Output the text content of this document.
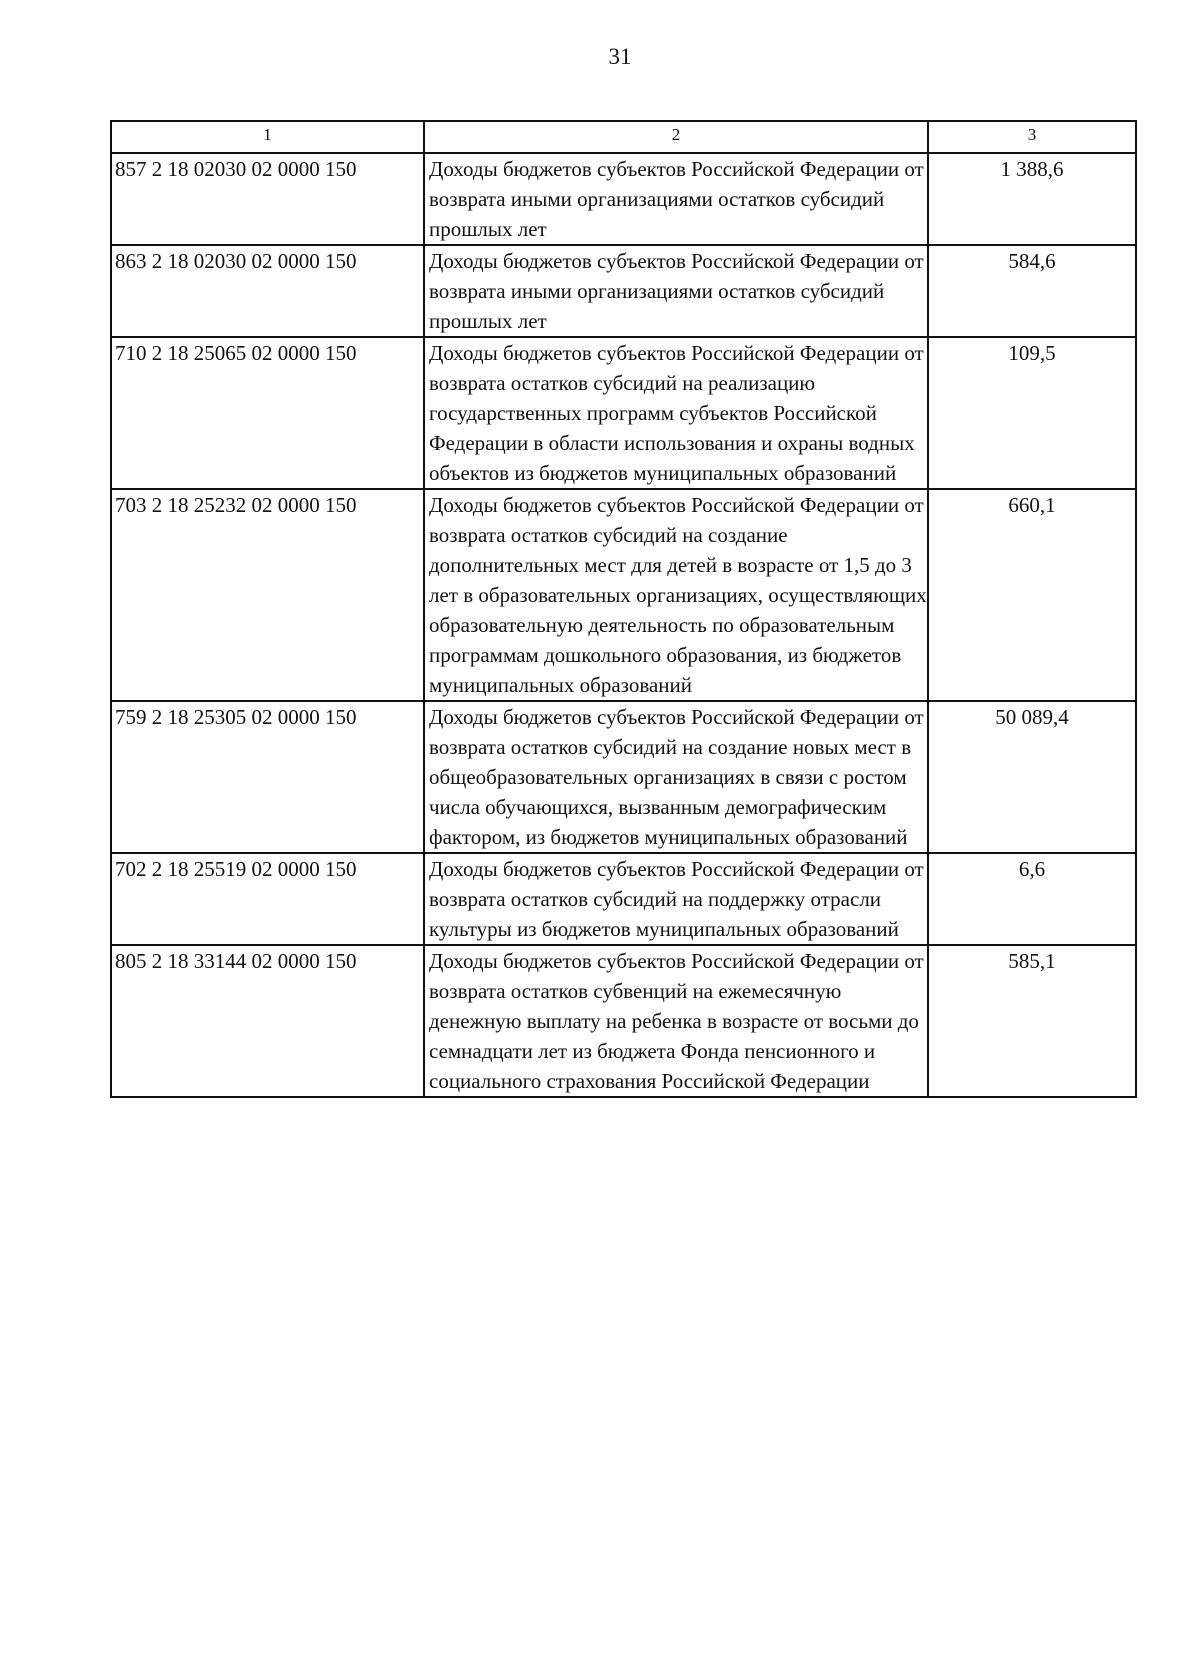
31
1	2	3
857 2 18 02030 02 0000 150	Доходы бюджетов субъектов Российской Федерации от возврата иными организациями остатков субсидий прошлых лет	1 388,6
863 2 18 02030 02 0000 150	Доходы бюджетов субъектов Российской Федерации от возврата иными организациями остатков субсидий прошлых лет	584,6
710 2 18 25065 02 0000 150	Доходы бюджетов субъектов Российской Федерации от возврата остатков субсидий на реализацию государственных программ субъектов Российской Федерации в области использования и охраны водных объектов из бюджетов муниципальных образований	109,5
703 2 18 25232 02 0000 150	Доходы бюджетов субъектов Российской Федерации от возврата остатков субсидий на создание дополнительных мест для детей в возрасте от 1,5 до 3 лет в образовательных организациях, осуществляющих образовательную деятельность по образовательным программам дошкольного образования, из бюджетов муниципальных образований	660,1
759 2 18 25305 02 0000 150	Доходы бюджетов субъектов Российской Федерации от возврата остатков субсидий на создание новых мест в общеобразовательных организациях в связи с ростом числа обучающихся, вызванным демографическим фактором, из бюджетов муниципальных образований	50 089,4
702 2 18 25519 02 0000 150	Доходы бюджетов субъектов Российской Федерации от возврата остатков субсидий на поддержку отрасли культуры из бюджетов муниципальных образований	6,6
805 2 18 33144 02 0000 150	Доходы бюджетов субъектов Российской Федерации от возврата остатков субвенций на ежемесячную денежную выплату на ребенка в возрасте от восьми до семнадцати лет из бюджета Фонда пенсионного и социального страхования Российской Федерации	585,1
